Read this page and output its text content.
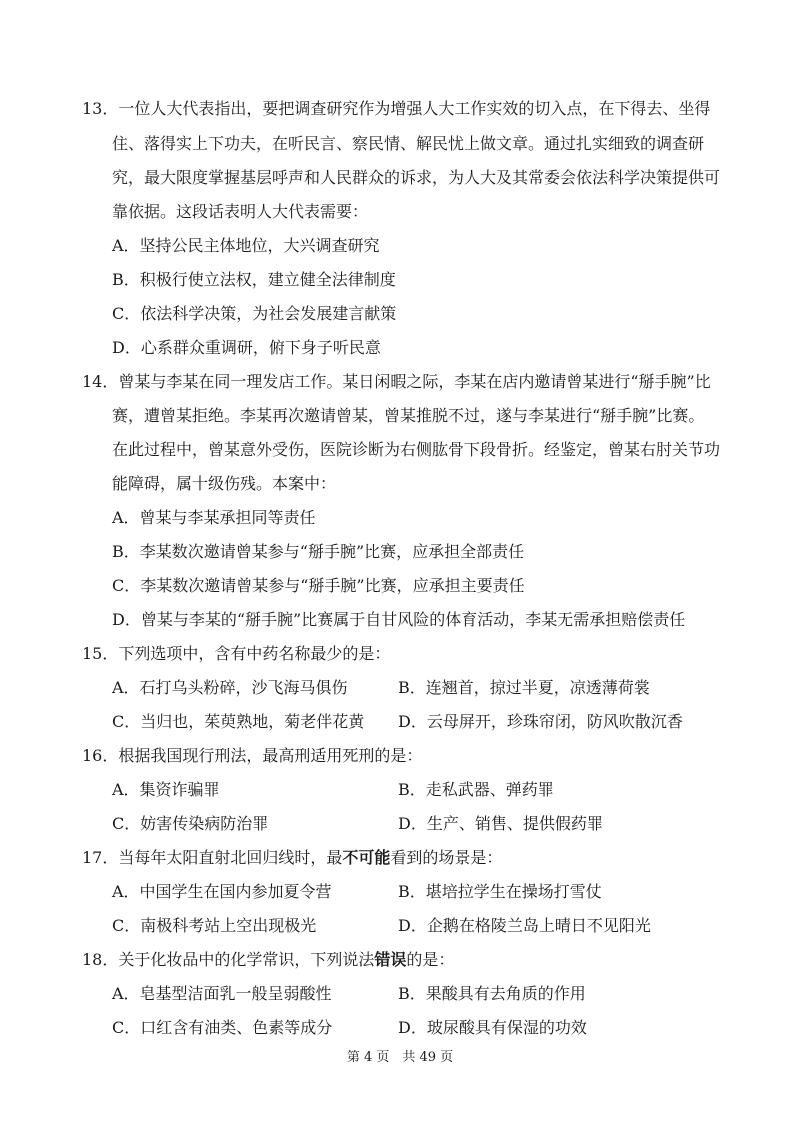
13．一位人大代表指出，要把调查研究作为增强人大工作实效的切入点，在下得去、坐得
住、落得实上下功夫，在听民言、察民情、解民忧上做文章。通过扎实细致的调查研
究，最大限度掌握基层呼声和人民群众的诉求，为人大及其常委会依法科学决策提供可
靠依据。这段话表明人大代表需要：
A．坚持公民主体地位，大兴调查研究
B．积极行使立法权，建立健全法律制度
C．依法科学决策，为社会发展建言献策
D．心系群众重调研，俯下身子听民意
14．曾某与李某在同一理发店工作。某日闲暇之际，李某在店内邀请曾某进行“掰手腕”比
赛，遭曾某拒绝。李某再次邀请曾某，曾某推脱不过，遂与李某进行“掰手腕”比赛。
在此过程中，曾某意外受伤，医院诊断为右侧肱骨下段骨折。经鉴定，曾某右肘关节功
能障碍，属十级伤残。本案中：
A．曾某与李某承担同等责任
B．李某数次邀请曾某参与“掰手腕”比赛，应承担全部责任
C．李某数次邀请曾某参与“掰手腕”比赛，应承担主要责任
D．曾某与李某的“掰手腕”比赛属于自甘风险的体育活动，李某无需承担赔偿责任
15．下列选项中，含有中药名称最少的是：
A．石打乌头粉碎，沙飞海马俱伤	B．连翘首，掠过半夏，凉透薄荷裳
C．当归也，茱萸熟地，菊老伴花黄 D．云母屏开，珍珠帘闭，防风吹散沉香
16．根据我国现行刑法，最高刑适用死刑的是：
A．集资诈骗罪	B．走私武器、弹药罪
C．妨害传染病防治罪	D．生产、销售、提供假药罪
17．当每年太阳直射北回归线时，最不可能看到的场景是：
A．中国学生在国内参加夏令营	B．堪培拉学生在操场打雪仗
C．南极科考站上空出现极光	D．企鹅在格陵兰岛上晴日不见阳光
18．关于化妆品中的化学常识，下列说法错误的是：
A．皂基型洁面乳一般呈弱酸性	B．果酸具有去角质的作用
C．口红含有油类、色素等成分	D．玻尿酸具有保湿的功效
第 4 页　共 49 页
